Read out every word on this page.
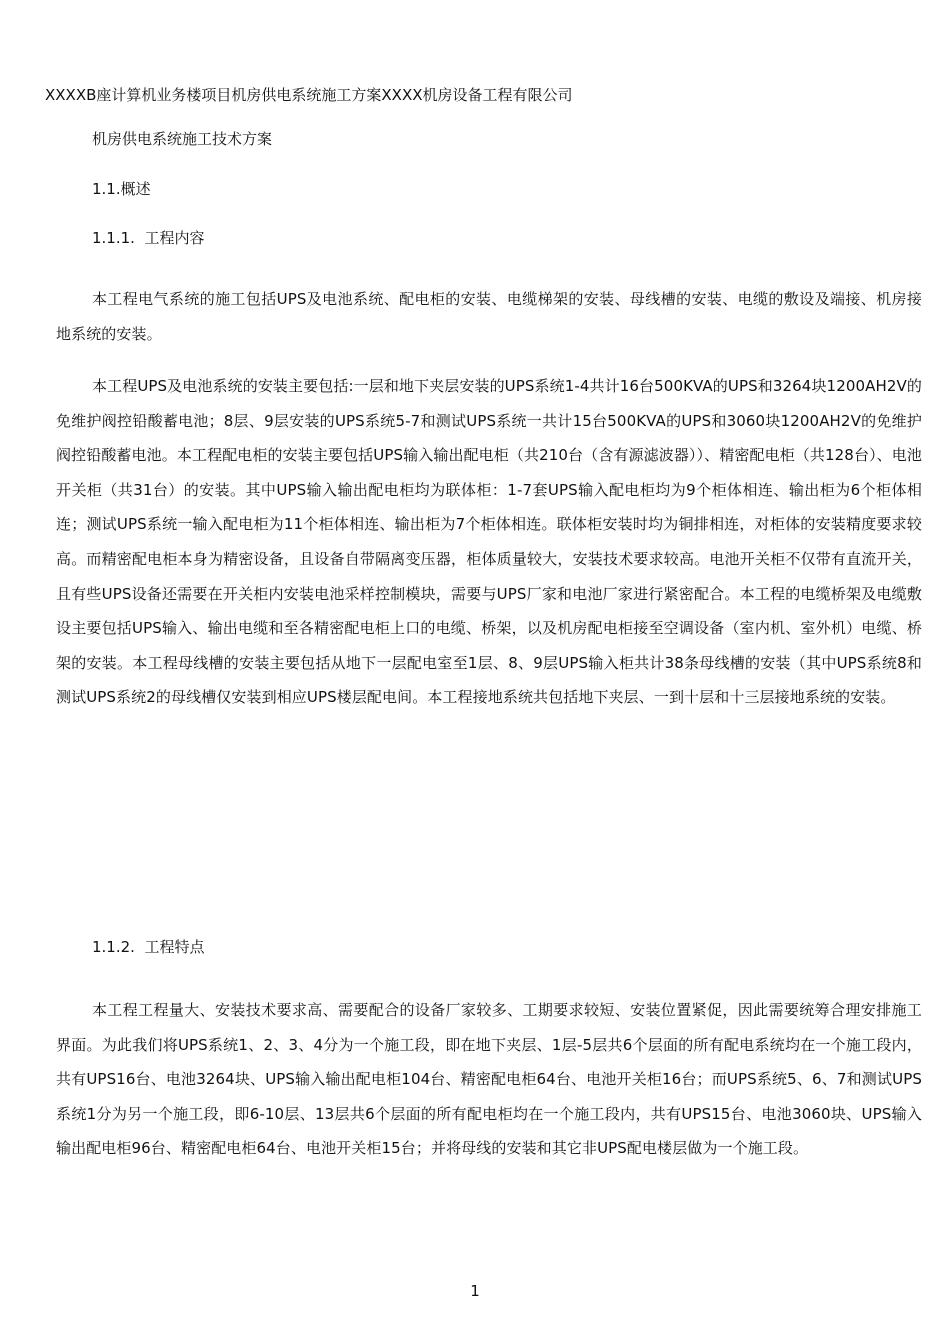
XXXXB座计算机业务楼项目机房供电系统施工方案XXXX机房设备工程有限公司
机房供电系统施工技术方案
1.1.概述
1.1.1.  工程内容
本工程电气系统的施工包括UPS及电池系统、配电柜的安装、电缆梯架的安装、母线槽的安装、电缆的敷设及端接、机房接地系统的安装。
本工程UPS及电池系统的安装主要包括:一层和地下夹层安装的UPS系统1-4共计16台500KVA的UPS和3264块1200AH2V的免维护阀控铅酸蓄电池；8层、9层安装的UPS系统5-7和测试UPS系统一共计15台500KVA的UPS和3060块1200AH2V的免维护阀控铅酸蓄电池。本工程配电柜的安装主要包括UPS输入输出配电柜（共210台（含有源滤波器））、精密配电柜（共128台）、电池开关柜（共31台）的安装。其中UPS输入输出配电柜均为联体柜：1-7套UPS输入配电柜均为9个柜体相连、输出柜为6个柜体相连；测试UPS系统一输入配电柜为11个柜体相连、输出柜为7个柜体相连。联体柜安装时均为铜排相连，对柜体的安装精度要求较高。而精密配电柜本身为精密设备，且设备自带隔离变压器，柜体质量较大，安装技术要求较高。电池开关柜不仅带有直流开关，且有些UPS设备还需要在开关柜内安装电池采样控制模块，需要与UPS厂家和电池厂家进行紧密配合。本工程的电缆桥架及电缆敷设主要包括UPS输入、输出电缆和至各精密配电柜上口的电缆、桥架，以及机房配电柜接至空调设备（室内机、室外机）电缆、桥架的安装。本工程母线槽的安装主要包括从地下一层配电室至1层、8、9层UPS输入柜共计38条母线槽的安装（其中UPS系统8和测试UPS系统2的母线槽仅安装到相应UPS楼层配电间。本工程接地系统共包括地下夹层、一到十层和十三层接地系统的安装。
1.1.2.  工程特点
本工程工程量大、安装技术要求高、需要配合的设备厂家较多、工期要求较短、安装位置紧促，因此需要统筹合理安排施工界面。为此我们将UPS系统1、2、3、4分为一个施工段，即在地下夹层、1层-5层共6个层面的所有配电系统均在一个施工段内，共有UPS16台、电池3264块、UPS输入输出配电柜104台、精密配电柜64台、电池开关柜16台；而UPS系统5、6、7和测试UPS系统1分为另一个施工段，即6-10层、13层共6个层面的所有配电柜均在一个施工段内，共有UPS15台、电池3060块、UPS输入输出配电柜96台、精密配电柜64台、电池开关柜15台；并将母线的安装和其它非UPS配电楼层做为一个施工段。
1
